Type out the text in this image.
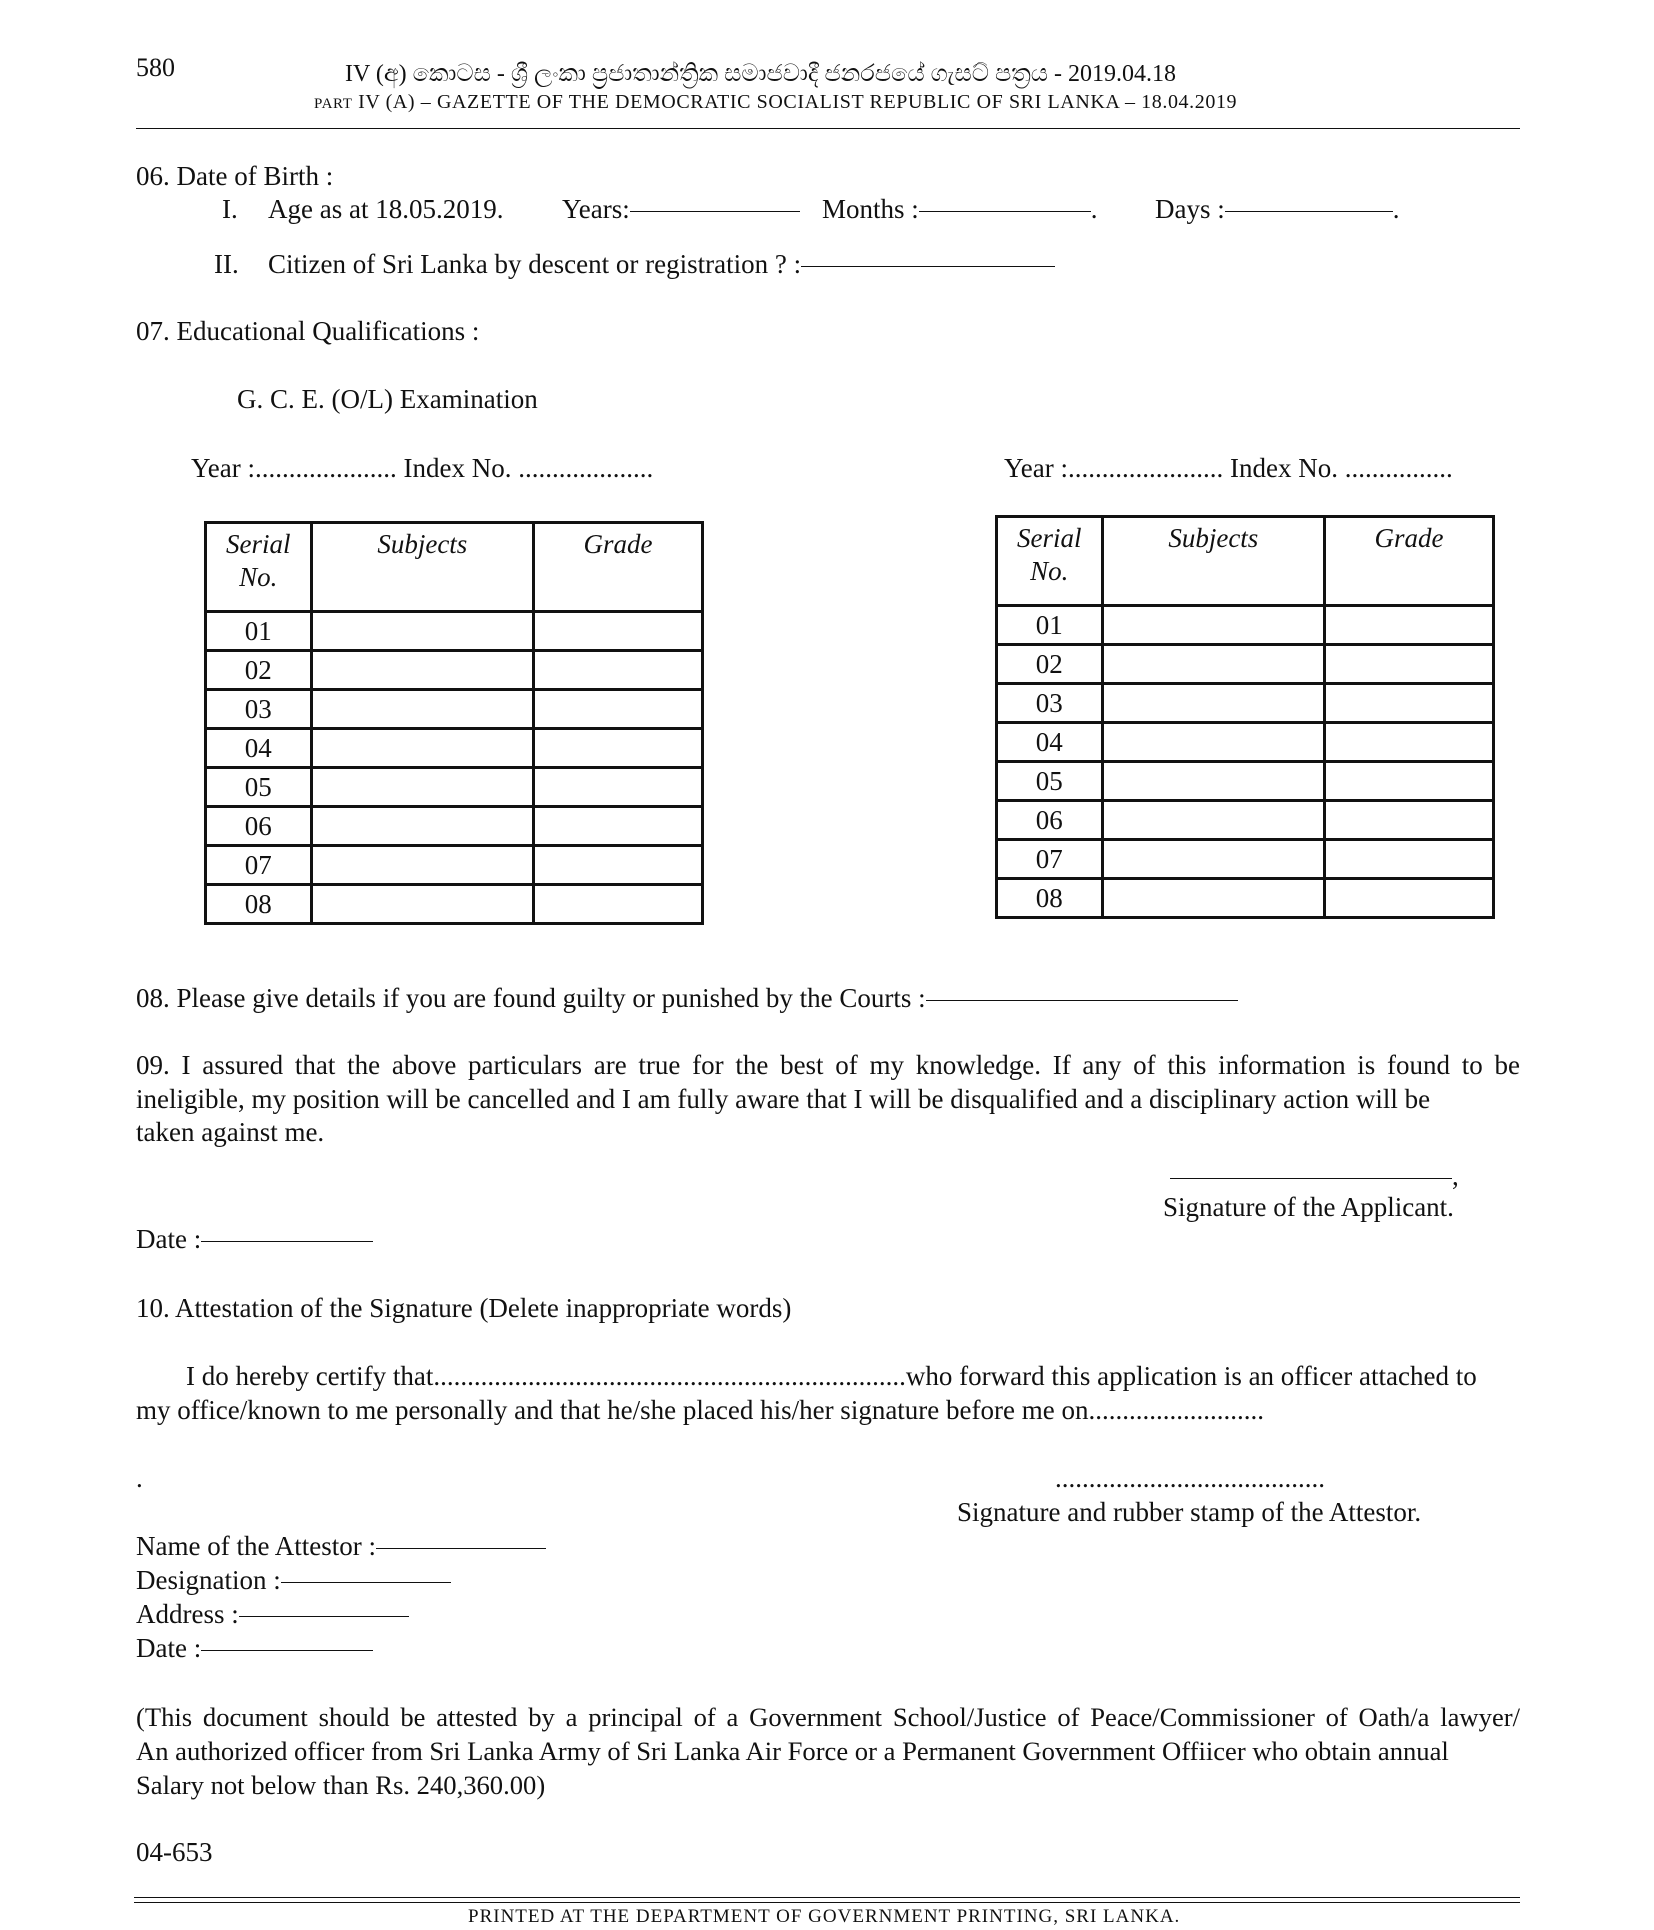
580	IV (අ) කොටස - ශ්‍රී ලංකා ප්‍රජාතාන්ත්‍රික සමාජවාදී ජනරජයේ ගැසට් පත්‍රය - 2019.04.18
PART IV (A) – GAZETTE OF THE DEMOCRATIC SOCIALIST REPUBLIC OF SRI LANKA – 18.04.2019
06. Date of Birth :
I. Age as at 18.05.2019. Years:	Months :	. Days :	.
II. Citizen of Sri Lanka by descent or registration ? :
07. Educational Qualifications :
G. C. E. (O/L) Examination
Year :..................... Index No. ....................	Year :....................... Index No. ................
Serial
No.	Subjects	Grade
01		
02		
03		
04		
05		
06		
07		
08		
Serial
No.	Subjects	Grade
01		
02		
03		
04		
05		
06		
07		
08		
08. Please give details if you are found guilty or punished by the Courts :
09. I assured that the above particulars are true for the best of my knowledge. If any of this information is found to be ineligible, my position will be cancelled and I am fully aware that I will be disqualified and a disciplinary action will be
taken against me.
,
Signature of the Applicant.
Date :
10. Attestation of the Signature (Delete inappropriate words)
I do hereby certify that......................................................................who forward this application is an officer attached to
my office/known to me personally and that he/she placed his/her signature before me on..........................
.	........................................
Signature and rubber stamp of the Attestor.
Name of the Attestor :
Designation :
Address :
Date :
(This document should be attested by a principal of a Government School/Justice of Peace/Commissioner of Oath/a lawyer/
An authorized officer from Sri Lanka Army of Sri Lanka Air Force or a Permanent Government Offiicer who obtain annual
Salary not below than Rs. 240,360.00)
04-653
PRINTED AT THE DEPARTMENT OF GOVERNMENT PRINTING, SRI LANKA.
